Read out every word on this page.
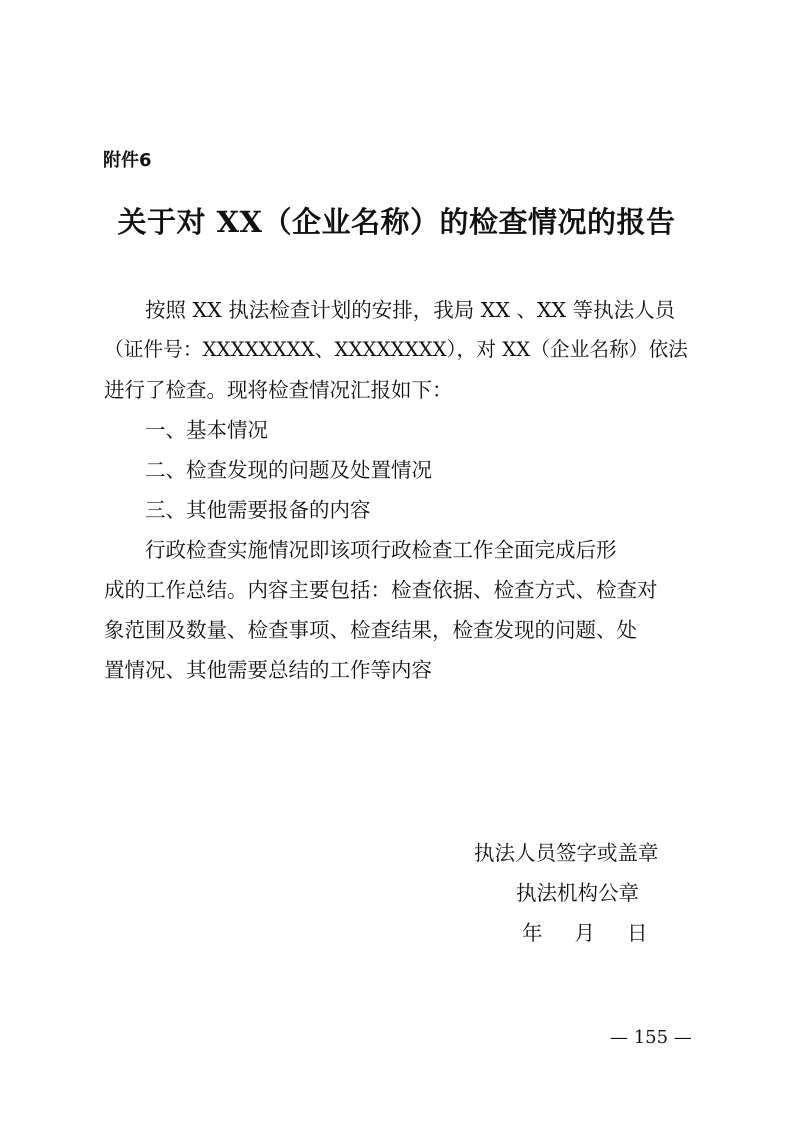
附件6
关于对 XX（企业名称）的检查情况的报告

按照 XX 执法检查计划的安排，我局 XX 、XX 等执法人员

（证件号：XXXXXXXX、XXXXXXXX），对 XX（企业名称）依法

进行了检查。现将检查情况汇报如下：

一、基本情况

二、检查发现的问题及处置情况

三、其他需要报备的内容

行政检查实施情况即该项行政检查工作全面完成后形

成的工作总结。内容主要包括：检查依据、检查方式、检查对

象范围及数量、检查事项、检查结果，检查发现的问题、处

置情况、其他需要总结的工作等内容

执法人员签字或盖章
执法机构公章
年 月 日
— 155 —
